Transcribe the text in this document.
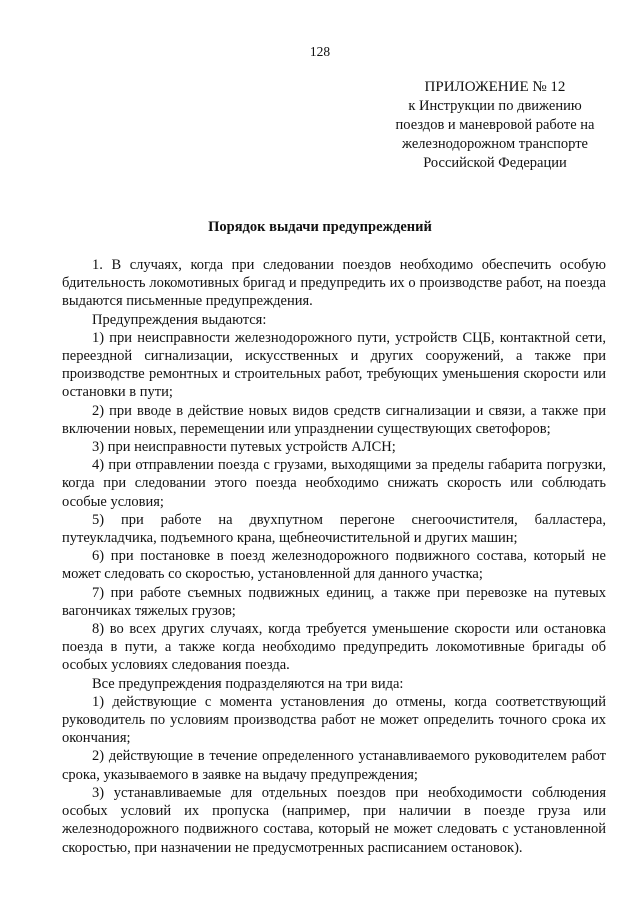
128
ПРИЛОЖЕНИЕ № 12
к Инструкции по движению
поездов и маневровой работе на
железнодорожном транспорте
Российской Федерации
Порядок выдачи предупреждений

1. В случаях, когда при следовании поездов необходимо обеспечить особую бдительность локомотивных бригад и предупредить их о производстве работ, на поезда выдаются письменные предупреждения.

Предупреждения выдаются:

1) при неисправности железнодорожного пути, устройств СЦБ, контактной сети, переездной сигнализации, искусственных и других сооружений, а также при производстве ремонтных и строительных работ, требующих уменьшения скорости или остановки в пути;

2) при вводе в действие новых видов средств сигнализации и связи, а также при включении новых, перемещении или упразднении существующих светофоров;

3) при неисправности путевых устройств АЛСН;

4) при отправлении поезда с грузами, выходящими за пределы габарита погрузки, когда при следовании этого поезда необходимо снижать скорость или соблюдать особые условия;

5) при работе на двухпутном перегоне снегоочистителя, балластера, путеукладчика, подъемного крана, щебнеочистительной и других машин;

6) при постановке в поезд железнодорожного подвижного состава, который не может следовать со скоростью, установленной для данного участка;

7) при работе съемных подвижных единиц, а также при перевозке на путевых вагончиках тяжелых грузов;

8) во всех других случаях, когда требуется уменьшение скорости или остановка поезда в пути, а также когда необходимо предупредить локомотивные бригады об особых условиях следования поезда.

Все предупреждения подразделяются на три вида:

1) действующие с момента установления до отмены, когда соответствующий руководитель по условиям производства работ не может определить точного срока их окончания;

2) действующие в течение определенного устанавливаемого руководителем работ срока, указываемого в заявке на выдачу предупреждения;

3) устанавливаемые для отдельных поездов при необходимости соблюдения особых условий их пропуска (например, при наличии в поезде груза или железнодорожного подвижного состава, который не может следовать с установленной скоростью, при назначении не предусмотренных расписанием остановок).
